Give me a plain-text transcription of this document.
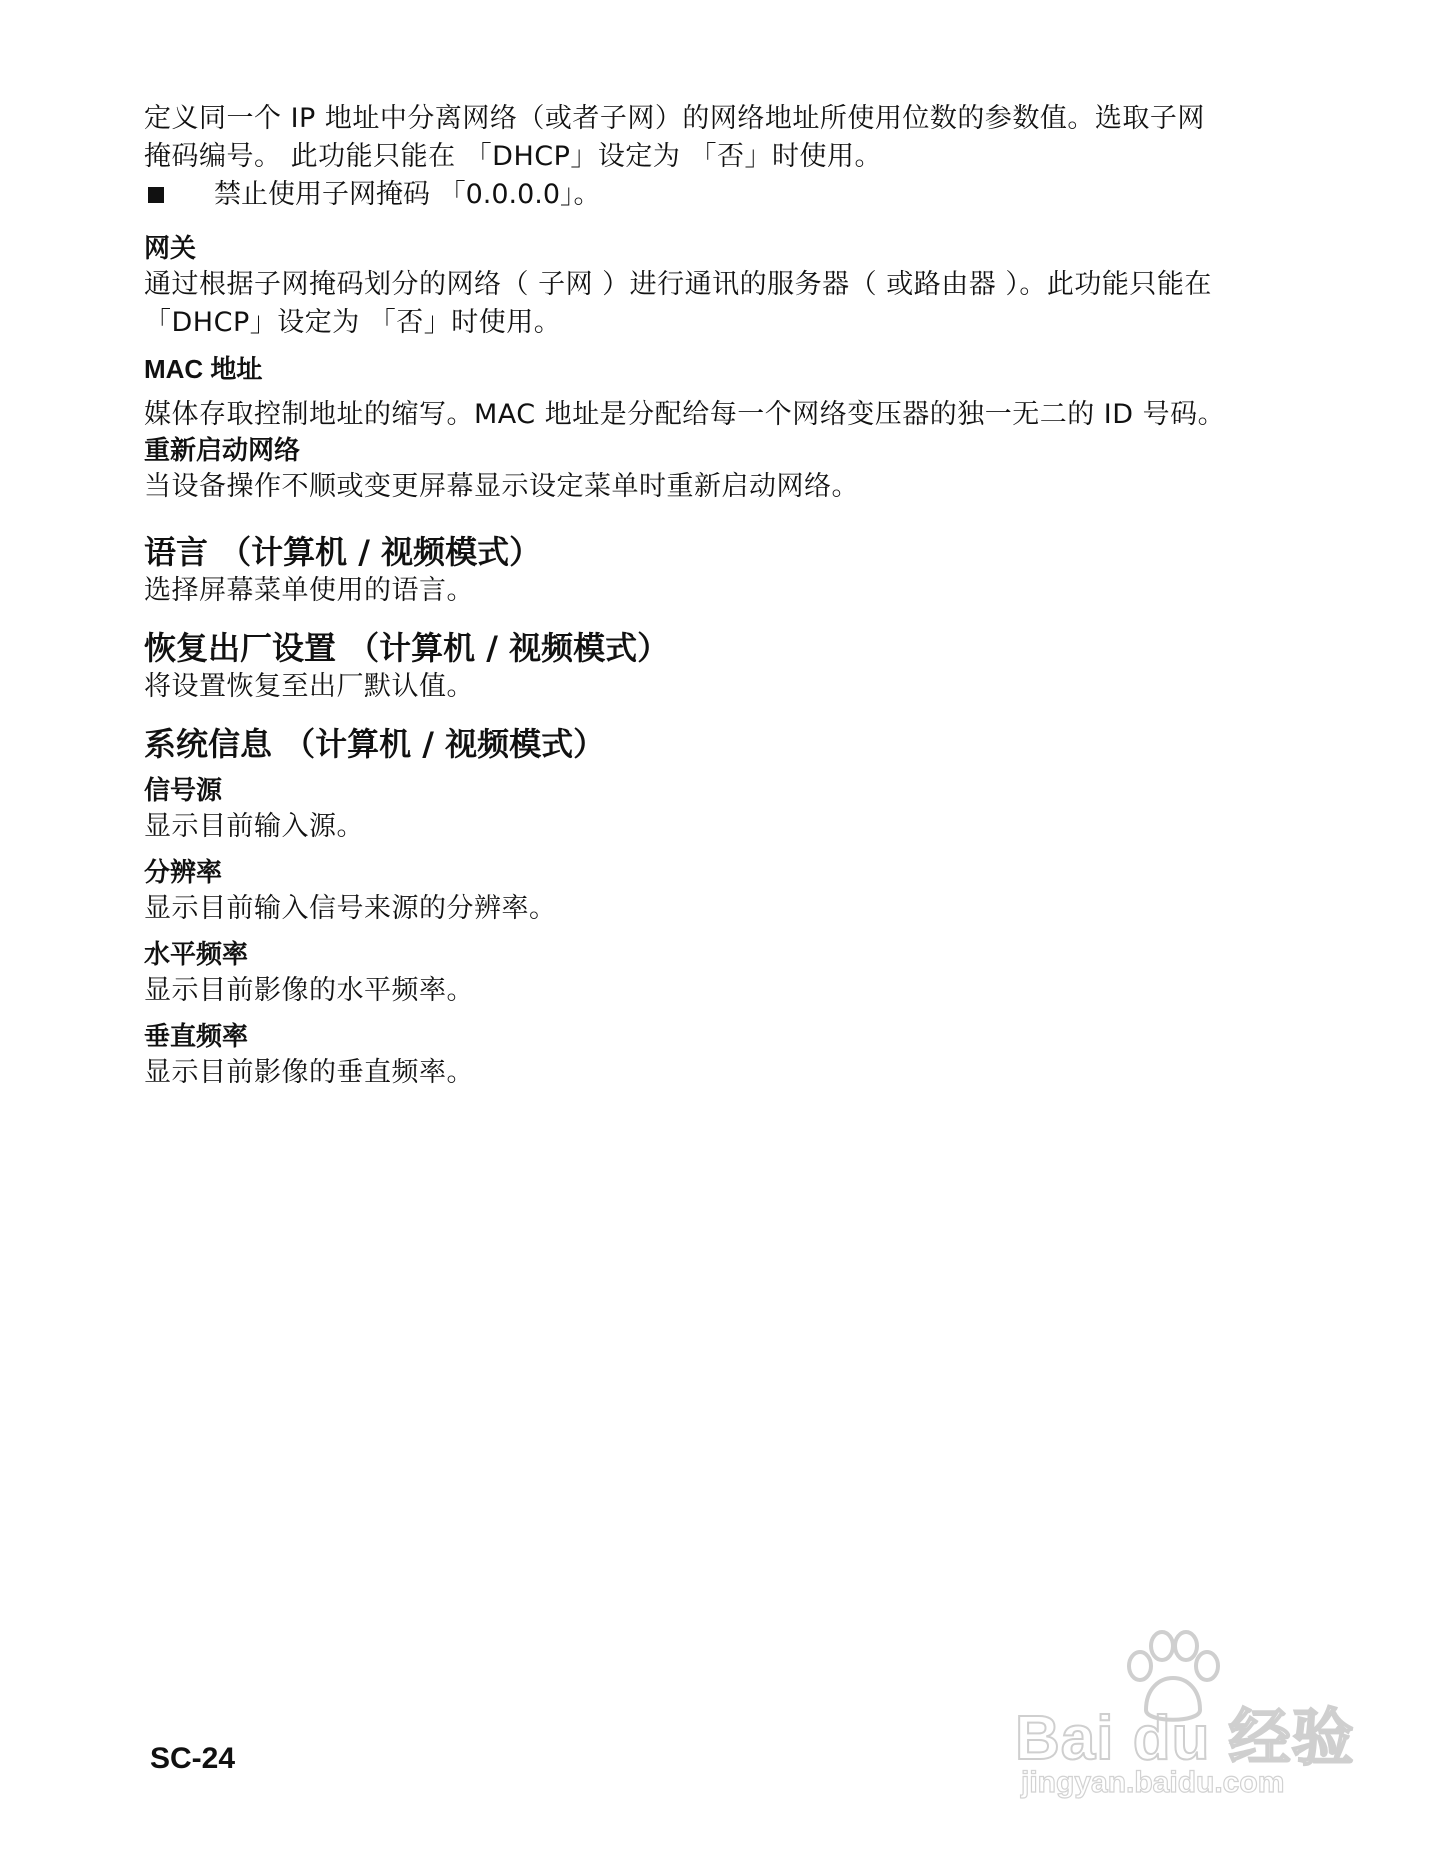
定义同一个 IP 地址中分离网络（或者子网）的网络地址所使用位数的参数值。选取子网

掩码编号。 此功能只能在 「DHCP」设定为 「否」时使用。

禁止使用子网掩码 「0.0.0.0」。

网关

通过根据子网掩码划分的网络（ 子网 ）进行通讯的服务器（ 或路由器 ）。此功能只能在

「DHCP」设定为 「否」时使用。

MAC 地址

媒体存取控制地址的缩写。MAC 地址是分配给每一个网络变压器的独一无二的 ID 号码。

重新启动网络

当设备操作不顺或变更屏幕显示设定菜单时重新启动网络。

语言 （计算机 / 视频模式）

选择屏幕菜单使用的语言。

恢复出厂设置 （计算机 / 视频模式）

将设置恢复至出厂默认值。

系统信息 （计算机 / 视频模式）

信号源

显示目前输入源。

分辨率

显示目前输入信号来源的分辨率。

水平频率

显示目前影像的水平频率。

垂直频率

显示目前影像的垂直频率。

SC-24	Bai du 经验
jingyan.baidu.com
